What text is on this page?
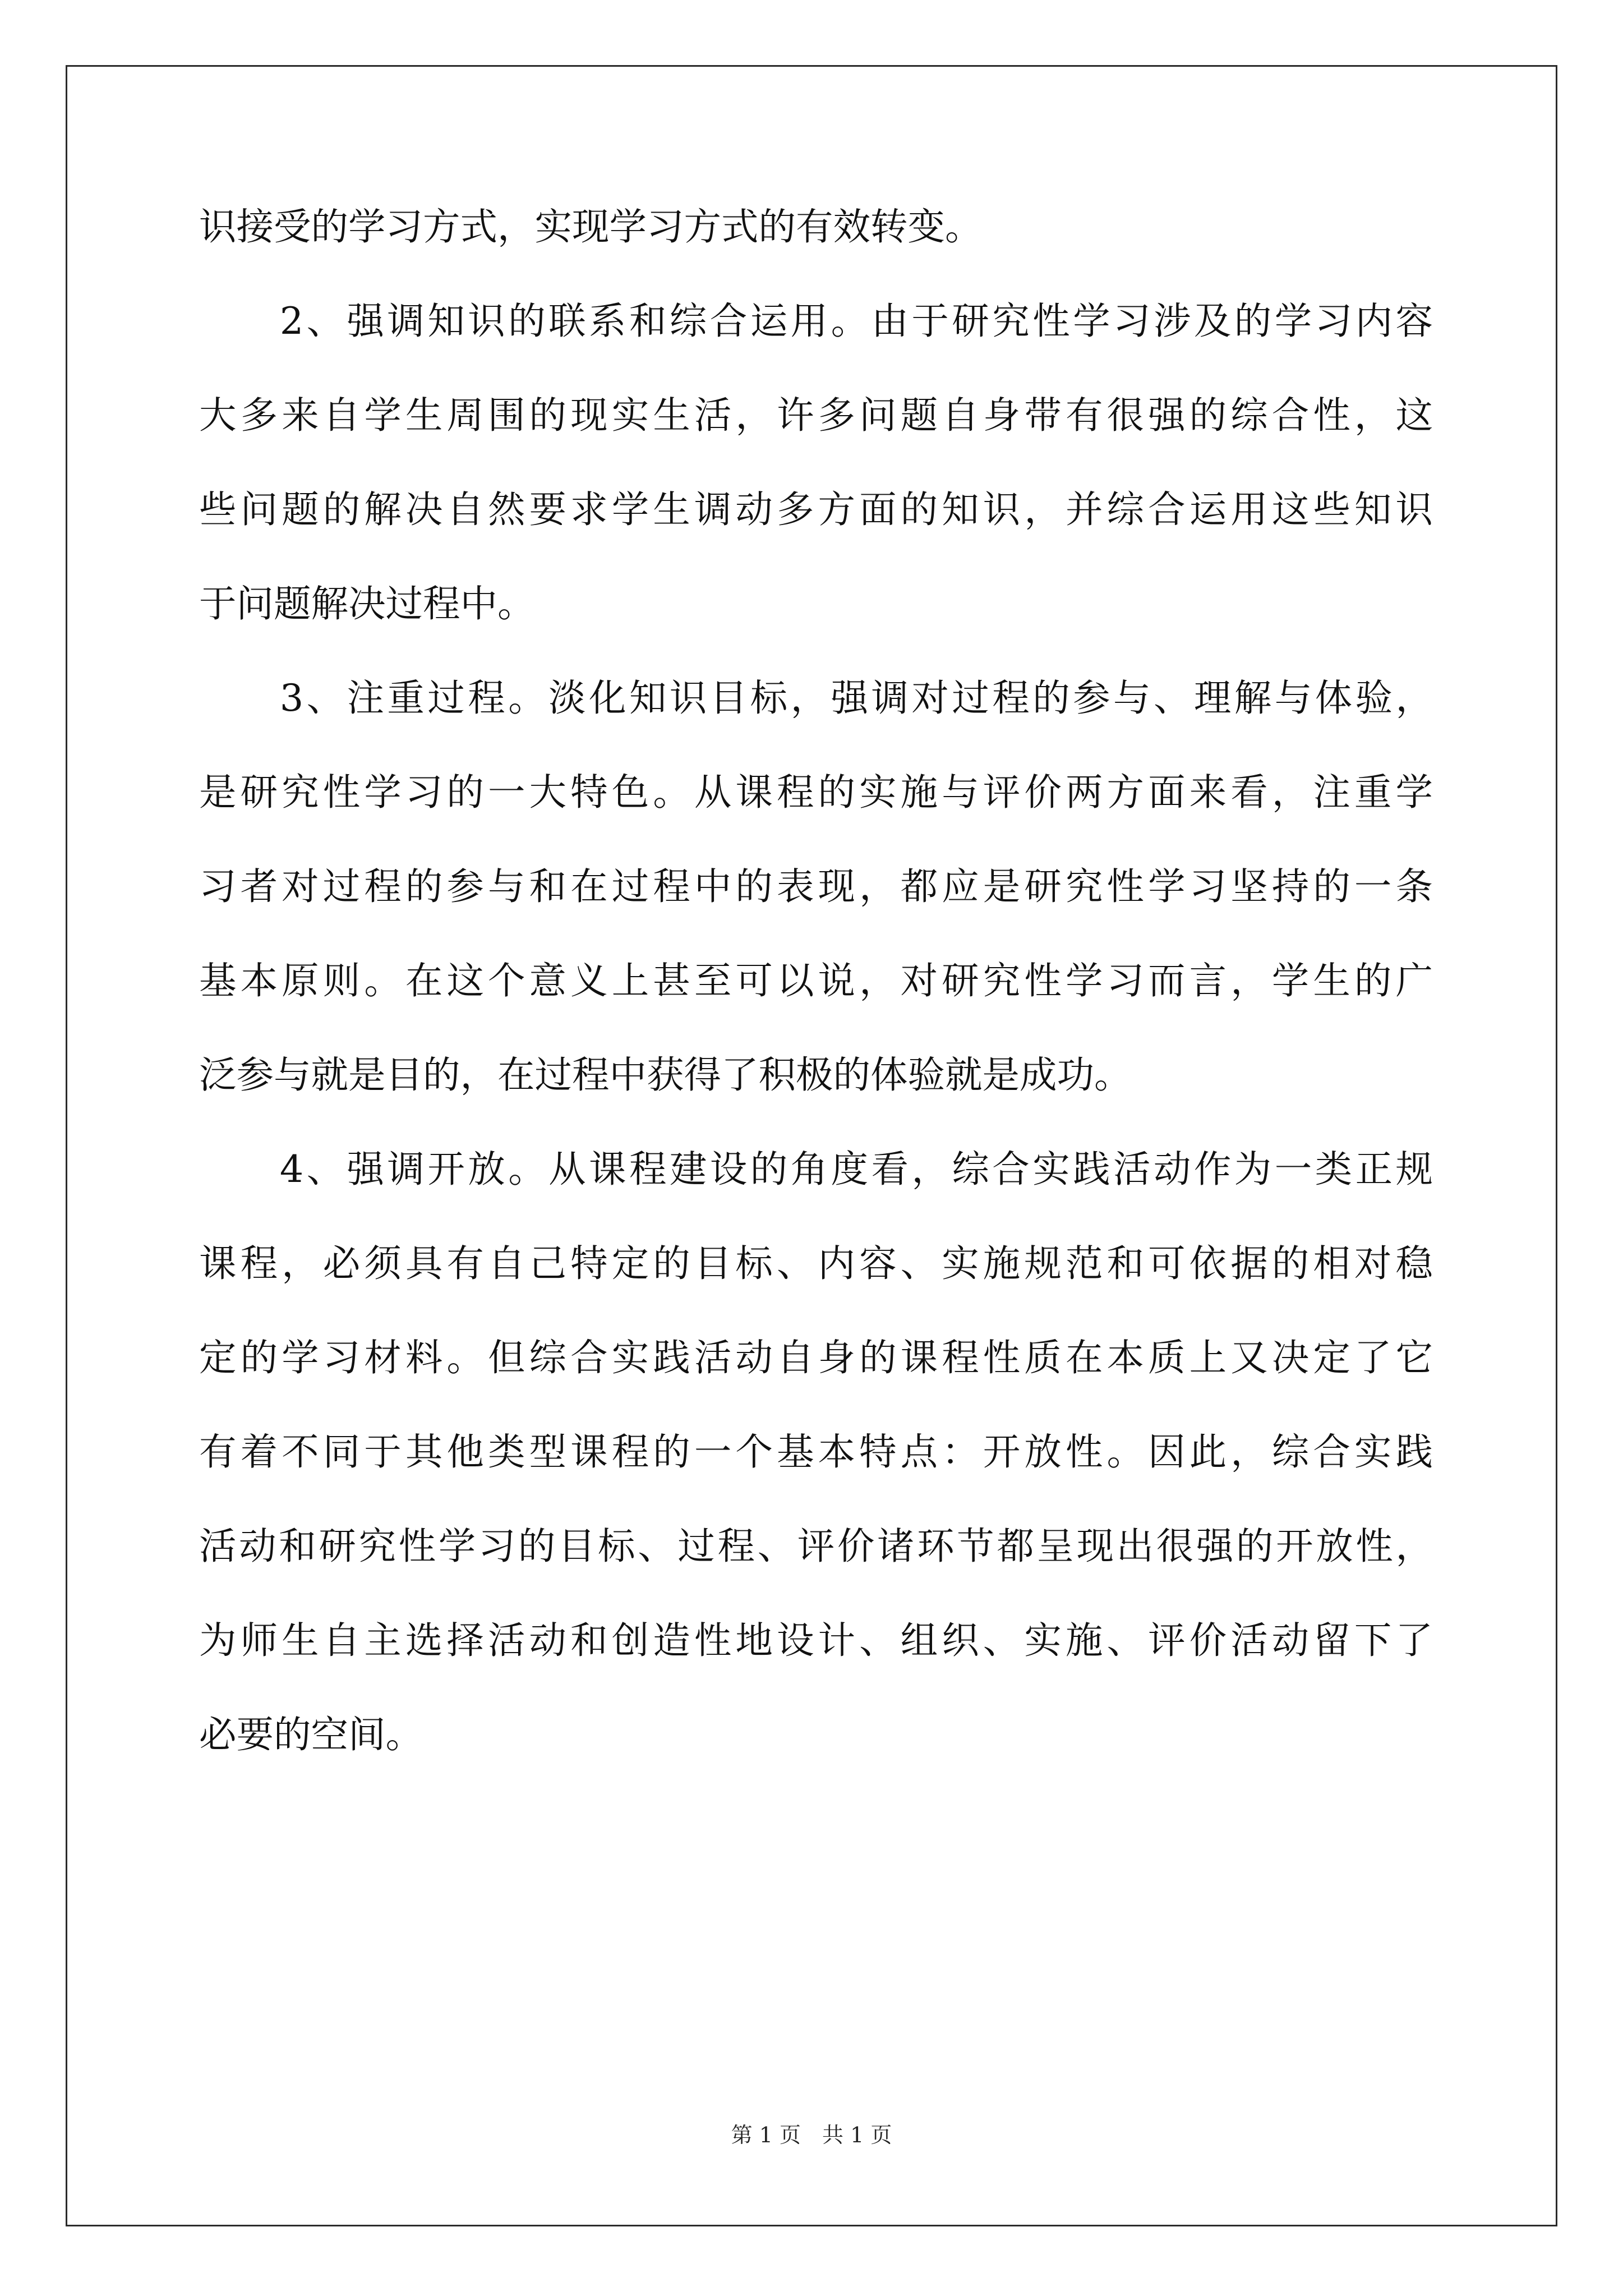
识接受的学习方式，实现学习方式的有效转变。
　　2、强调知识的联系和综合运用。由于研究性学习涉及的学习内容
大多来自学生周围的现实生活，许多问题自身带有很强的综合性，这
些问题的解决自然要求学生调动多方面的知识，并综合运用这些知识
于问题解决过程中。
　　3、注重过程。淡化知识目标，强调对过程的参与、理解与体验，
是研究性学习的一大特色。从课程的实施与评价两方面来看，注重学
习者对过程的参与和在过程中的表现，都应是研究性学习坚持的一条
基本原则。在这个意义上甚至可以说，对研究性学习而言，学生的广
泛参与就是目的，在过程中获得了积极的体验就是成功。
　　4、强调开放。从课程建设的角度看，综合实践活动作为一类正规
课程，必须具有自己特定的目标、内容、实施规范和可依据的相对稳
定的学习材料。但综合实践活动自身的课程性质在本质上又决定了它
有着不同于其他类型课程的一个基本特点：开放性。因此，综合实践
活动和研究性学习的目标、过程、评价诸环节都呈现出很强的开放性，
为师生自主选择活动和创造性地设计、组织、实施、评价活动留下了
必要的空间。
第 1 页　共 1 页
